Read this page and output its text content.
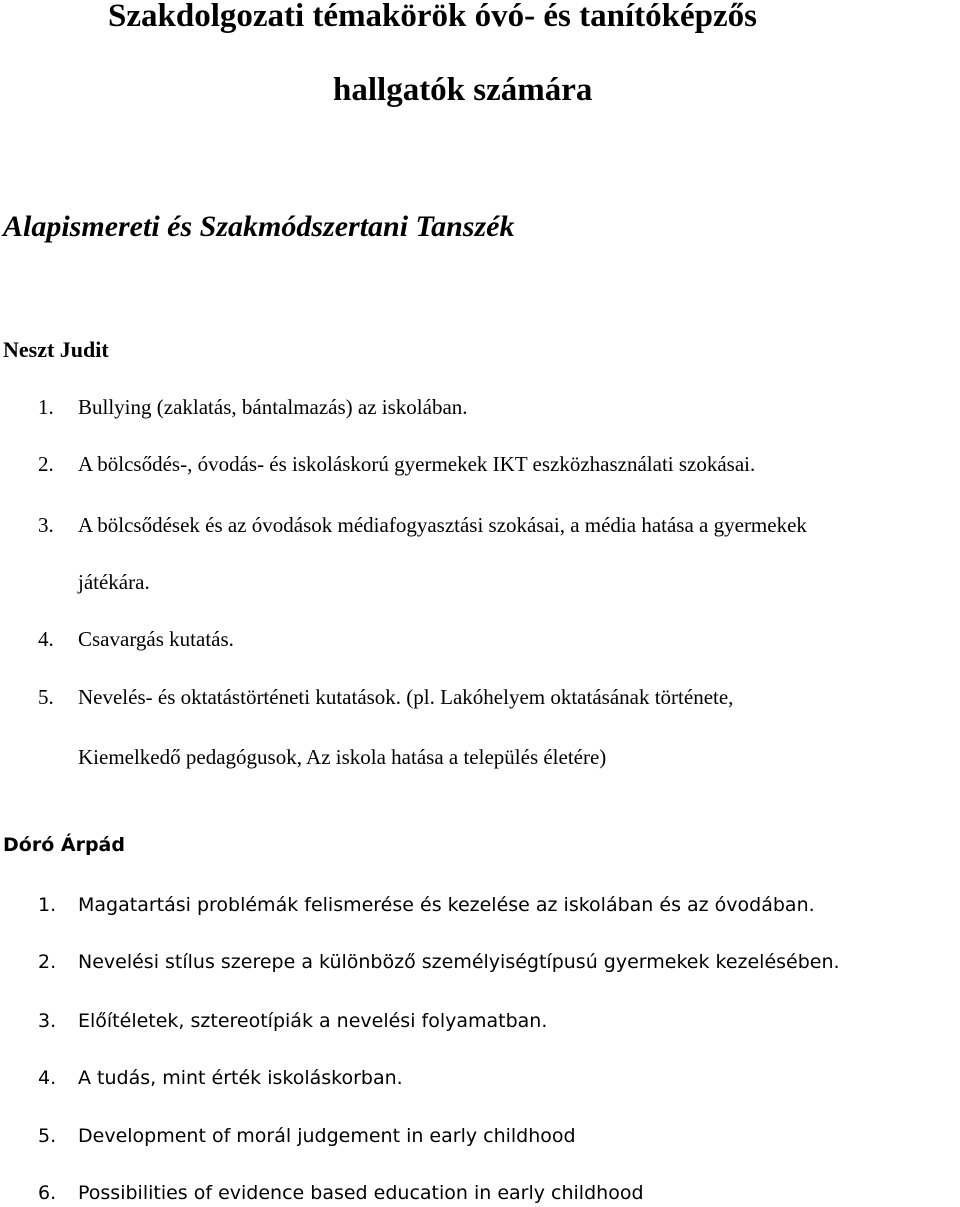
Szakdolgozati témakörök óvó- és tanítóképzős
hallgatók számára
Alapismereti és Szakmódszertani Tanszék
Neszt Judit
1. Bullying (zaklatás, bántalmazás) az iskolában.
2. A bölcsődés-, óvodás- és iskoláskorú gyermekek IKT eszközhasználati szokásai.
3. A bölcsődések és az óvodások médiafogyasztási szokásai, a média hatása a gyermekek
játékára.
4. Csavargás kutatás.
5. Nevelés- és oktatástörténeti kutatások. (pl. Lakóhelyem oktatásának története,
Kiemelkedő pedagógusok, Az iskola hatása a település életére)
Dóró Árpád
1. Magatartási problémák felismerése és kezelése az iskolában és az óvodában.
2. Nevelési stílus szerepe a különböző személyiségtípusú gyermekek kezelésében.
3. Előítéletek, sztereotípiák a nevelési folyamatban.
4. A tudás, mint érték iskoláskorban.
5. Development of morál judgement in early childhood
6. Possibilities of evidence based education in early childhood
